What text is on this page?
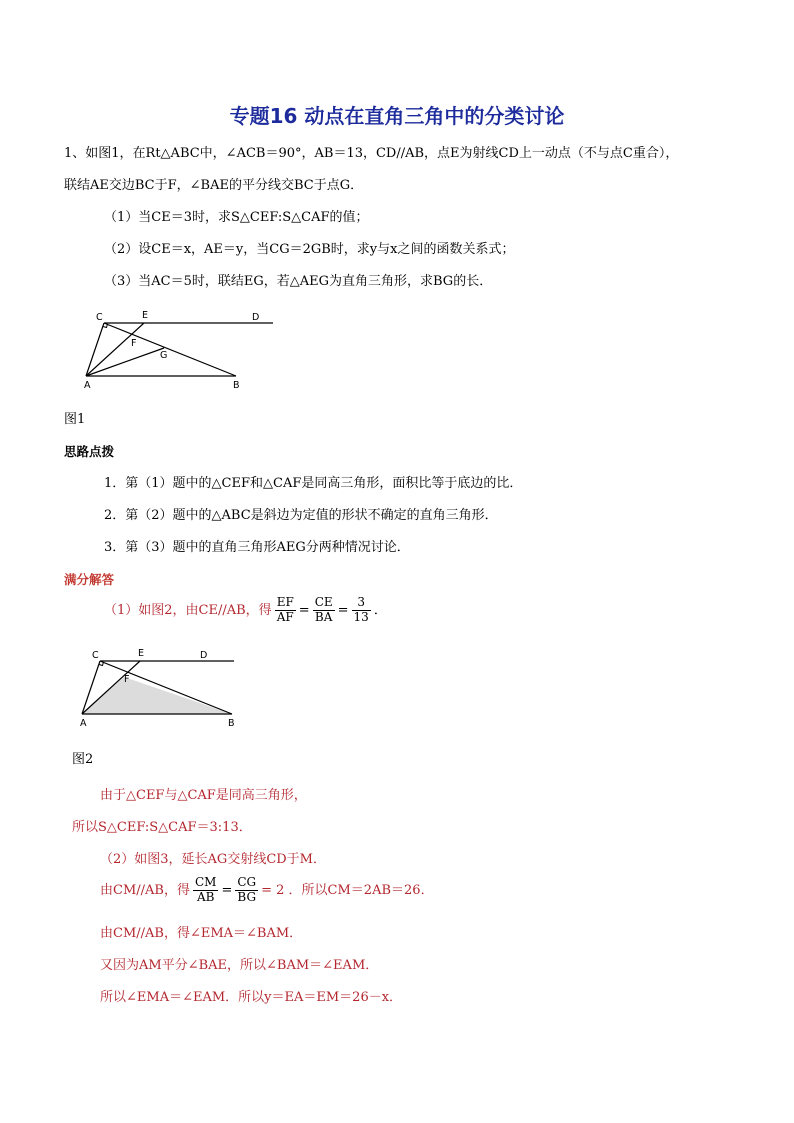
专题16 动点在直角三角中的分类讨论
1、如图1，在Rt△ABC中，∠ACB＝90°，AB＝13，CD//AB，点E为射线CD上一动点（不与点C重合），
联结AE交边BC于F，∠BAE的平分线交BC于点G．
（1）当CE＝3时，求S△CEF:S△CAF的值；
（2）设CE＝x，AE＝y，当CG＝2GB时，求y与x之间的函数关系式；
（3）当AC＝5时，联结EG，若△AEG为直角三角形，求BG的长．
C	E	D
F
G
A	B
图1
思路点拨
1．第（1）题中的△CEF和△CAF是同高三角形，面积比等于底边的比．
2．第（2）题中的△ABC是斜边为定值的形状不确定的直角三角形．
3．第（3）题中的直角三角形AEG分两种情况讨论．
满分解答
（1）如图2，由CE//AB，得 $\frac{EF}{AF} = \frac{CE}{BA} = \frac{3}{13}$ ．
C	E	D
F
A	B
图2
由于△CEF与△CAF是同高三角形，
所以S△CEF:S△CAF＝3:13．
（2）如图3，延长AG交射线CD于M．
由CM//AB，得 $\frac{CM}{AB} = \frac{CG}{BG} = 2$ ．所以CM＝2AB＝26．
由CM//AB，得∠EMA＝∠BAM．
又因为AM平分∠BAE，所以∠BAM＝∠EAM．
所以∠EMA＝∠EAM．所以y＝EA＝EM＝26－x．
